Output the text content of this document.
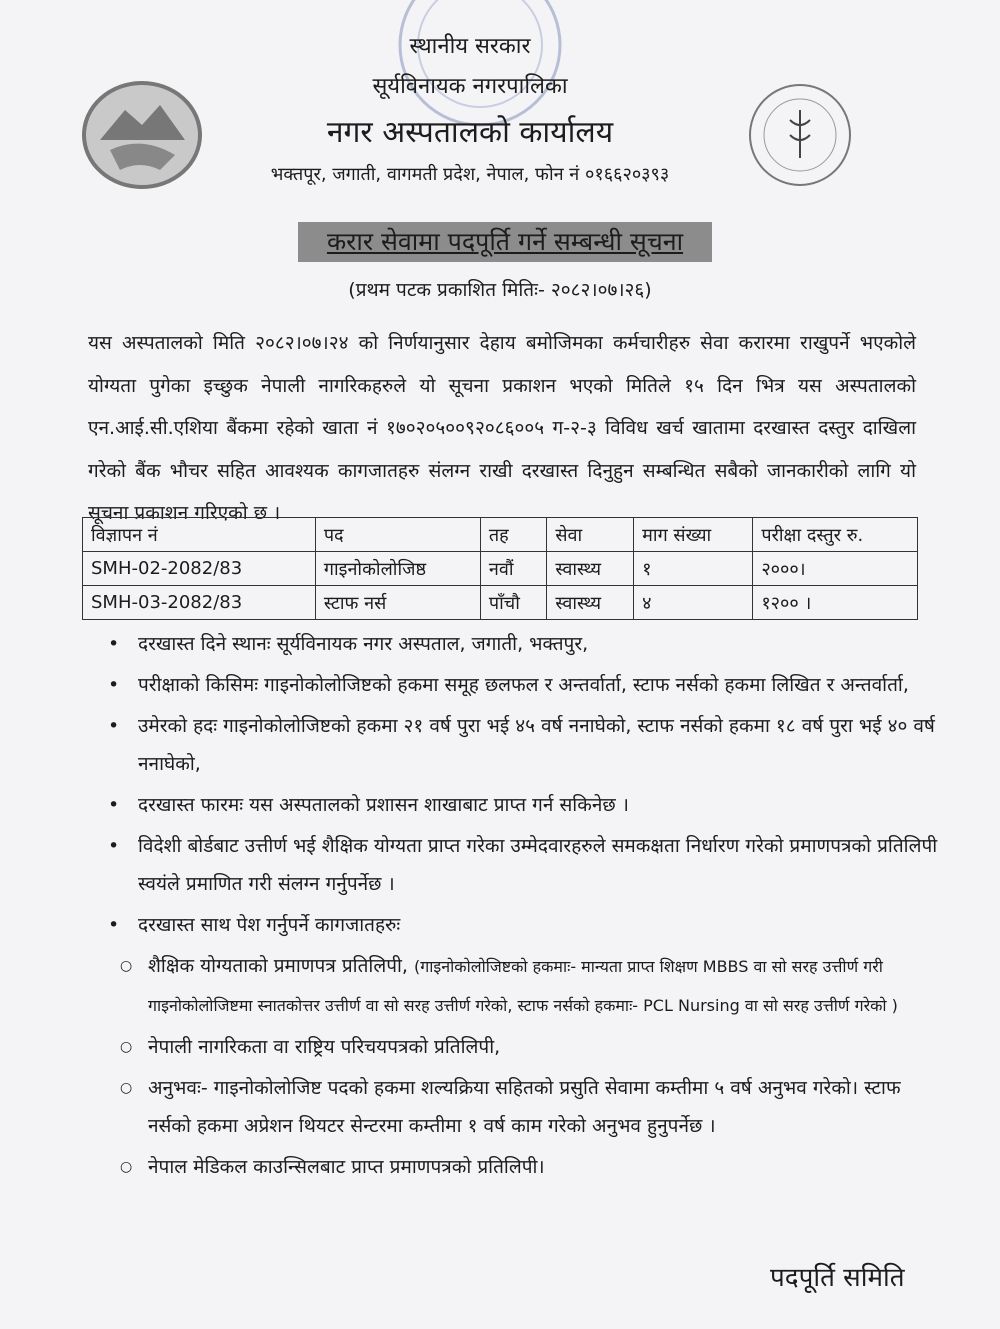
स्थानीय सरकार
सूर्यविनायक नगरपालिका
नगर अस्पतालको कार्यालय
भक्तपूर, जगाती, वागमती प्रदेश, नेपाल, फोन नं ०१६६२०३९३
करार सेवामा पदपूर्ति गर्ने सम्बन्धी सूचना
(प्रथम पटक प्रकाशित मितिः- २०८२।०७।२६)
यस अस्पतालको मिति २०८२।०७।२४ को निर्णयानुसार देहाय बमोजिमका कर्मचारीहरु सेवा करारमा राखुपर्ने भएकोले योग्यता पुगेका इच्छुक नेपाली नागरिकहरुले यो सूचना प्रकाशन भएको मितिले १५ दिन भित्र यस अस्पतालको एन.आई.सी.एशिया बैंकमा रहेको खाता नं १७०२०५००९२०८६००५ ग-२-३ विविध खर्च खातामा दरखास्त दस्तुर दाखिला गरेको बैंक भौचर सहित आवश्यक कागजातहरु संलग्न राखी दरखास्त दिनुहुन सम्बन्धित सबैको जानकारीको लागि यो सूचना प्रकाशन गरिएको छ ।
विज्ञापन नं	पद	तह	सेवा	माग संख्या	परीक्षा दस्तुर रु.
SMH-02-2082/83	गाइनोकोलोजिष्ठ	नवौं	स्वास्थ्य	१	२०००।
SMH-03-2082/83	स्टाफ नर्स	पाँचौ	स्वास्थ्य	४	१२०० ।
• दरखास्त दिने स्थानः सूर्यविनायक नगर अस्पताल, जगाती, भक्तपुर,
• परीक्षाको किसिमः गाइनोकोलोजिष्टको हकमा समूह छलफल र अन्तर्वार्ता, स्टाफ नर्सको हकमा लिखित र अन्तर्वार्ता,
• उमेरको हदः गाइनोकोलोजिष्टको हकमा २१ वर्ष पुरा भई ४५ वर्ष ननाघेको, स्टाफ नर्सको हकमा १८ वर्ष पुरा भई ४० वर्ष ननाघेको,
• दरखास्त फारमः यस अस्पतालको प्रशासन शाखाबाट प्राप्त गर्न सकिनेछ ।
• विदेशी बोर्डबाट उत्तीर्ण भई शैक्षिक योग्यता प्राप्त गरेका उम्मेदवारहरुले समकक्षता निर्धारण गरेको प्रमाणपत्रको प्रतिलिपी स्वयंले प्रमाणित गरी संलग्न गर्नुपर्नेछ ।
• दरखास्त साथ पेश गर्नुपर्ने कागजातहरुः
○ शैक्षिक योग्यताको प्रमाणपत्र प्रतिलिपी, (गाइनोकोलोजिष्टको हकमाः- मान्यता प्राप्त शिक्षण MBBS वा सो सरह उत्तीर्ण गरी गाइनोकोलोजिष्टमा स्नातकोत्तर उत्तीर्ण वा सो सरह उत्तीर्ण गरेको, स्टाफ नर्सको हकमाः- PCL Nursing वा सो सरह उत्तीर्ण गरेको )
○ नेपाली नागरिकता वा राष्ट्रिय परिचयपत्रको प्रतिलिपी,
○ अनुभवः- गाइनोकोलोजिष्ट पदको हकमा शल्यक्रिया सहितको प्रसुति सेवामा कम्तीमा ५ वर्ष अनुभव गरेको। स्टाफ नर्सको हकमा अप्रेशन थियटर सेन्टरमा कम्तीमा १ वर्ष काम गरेको अनुभव हुनुपर्नेछ ।
○ नेपाल मेडिकल काउन्सिलबाट प्राप्त प्रमाणपत्रको प्रतिलिपी।
पदपूर्ति समिति
